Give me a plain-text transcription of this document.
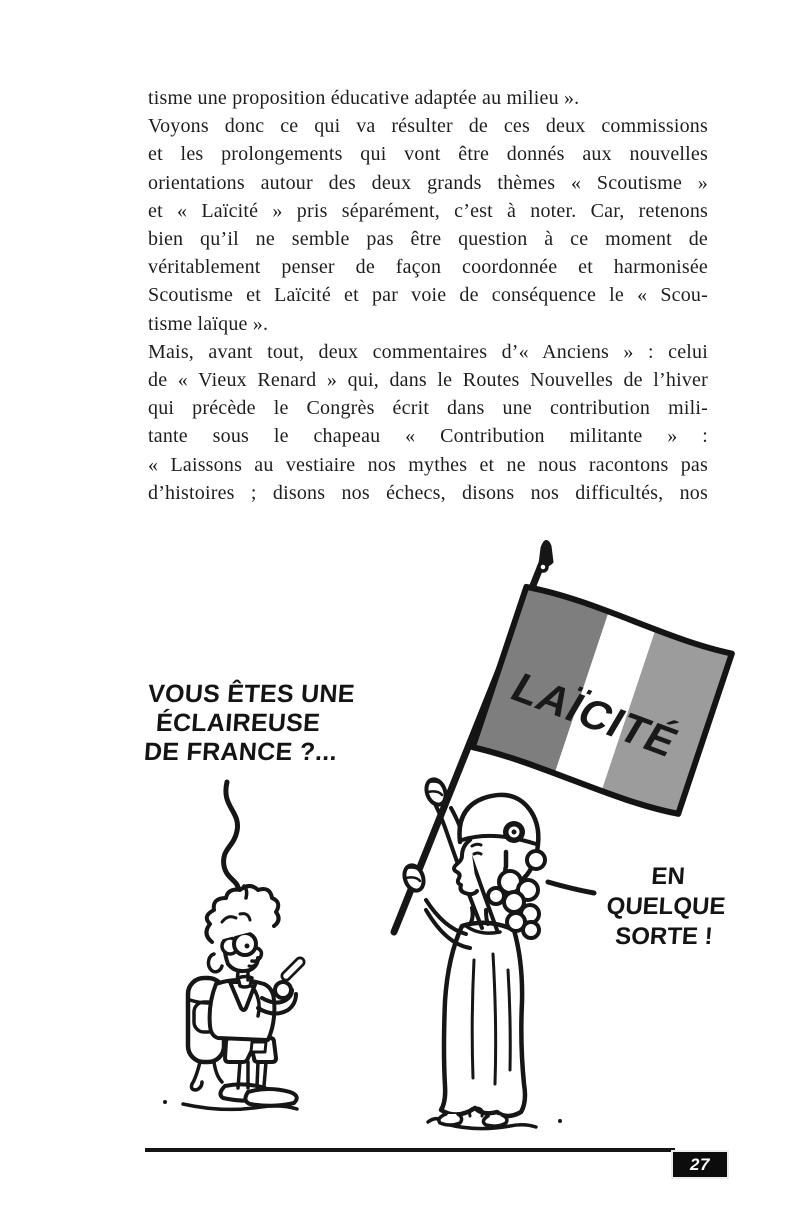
tisme une proposition éducative adaptée au milieu ».
Voyons donc ce qui va résulter de ces deux commissions
et les prolongements qui vont être donnés aux nouvelles
orientations autour des deux grands thèmes « Scoutisme »
et « Laïcité » pris séparément, c’est à noter. Car, retenons
bien qu’il ne semble pas être question à ce moment de
véritablement penser de façon coordonnée et harmonisée
Scoutisme et Laïcité et par voie de conséquence le « Scou-
tisme laïque ».
Mais, avant tout, deux commentaires d’« Anciens » : celui
de « Vieux Renard » qui, dans le Routes Nouvelles de l’hiver
qui précède le Congrès écrit dans une contribution mili-
tante sous le chapeau « Contribution militante » :
« Laissons au vestiaire nos mythes et ne nous racontons pas
d’histoires ; disons nos échecs, disons nos difficultés, nos
LAÏCITÉ
VOUS ÊTES UNE
ÉCLAIREUSE
DE FRANCE ?...
EN QUELQUE
SORTE !
27
